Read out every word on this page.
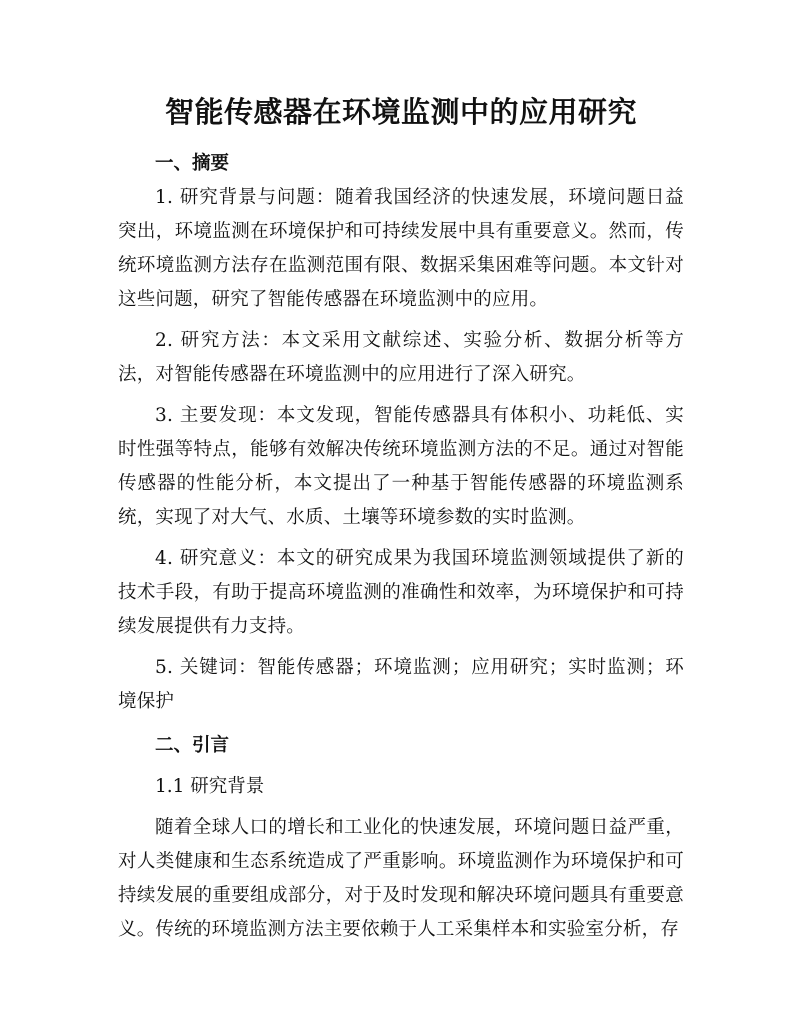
智能传感器在环境监测中的应用研究
一、摘要

1. 研究背景与问题：随着我国经济的快速发展，环境问题日益突出，环境监测在环境保护和可持续发展中具有重要意义。然而，传统环境监测方法存在监测范围有限、数据采集困难等问题。本文针对这些问题，研究了智能传感器在环境监测中的应用。

2. 研究方法：本文采用文献综述、实验分析、数据分析等方法，对智能传感器在环境监测中的应用进行了深入研究。

3. 主要发现：本文发现，智能传感器具有体积小、功耗低、实时性强等特点，能够有效解决传统环境监测方法的不足。通过对智能传感器的性能分析，本文提出了一种基于智能传感器的环境监测系统，实现了对大气、水质、土壤等环境参数的实时监测。

4. 研究意义：本文的研究成果为我国环境监测领域提供了新的技术手段，有助于提高环境监测的准确性和效率，为环境保护和可持续发展提供有力支持。

5. 关键词：智能传感器；环境监测；应用研究；实时监测；环境保护

二、引言

1.1 研究背景

随着全球人口的增长和工业化的快速发展，环境问题日益严重，对人类健康和生态系统造成了严重影响。环境监测作为环境保护和可持续发展的重要组成部分，对于及时发现和解决环境问题具有重要意义。传统的环境监测方法主要依赖于人工采集样本和实验室分析，存
